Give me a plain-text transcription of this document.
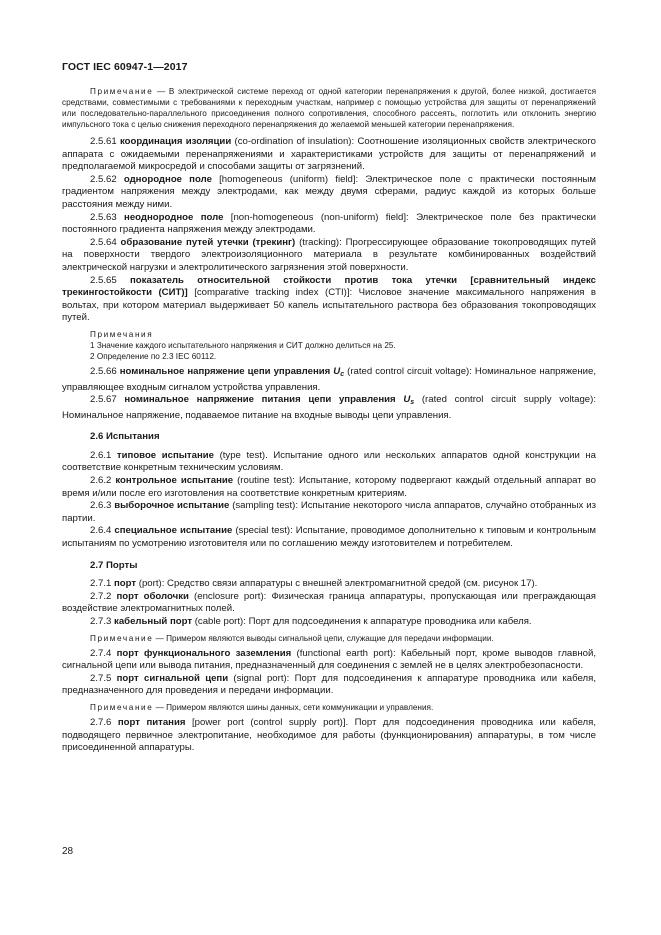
ГОСТ IEC 60947-1—2017

Примечание — В электрической системе переход от одной категории перенапряжения к другой, более низкой, достигается средствами, совместимыми с требованиями к переходным участкам, например с помощью устройства для защиты от перенапряжений или последовательно-параллельного присоединения полного сопротивления, способного рассеять, поглотить или отклонить энергию импульсного тока с целью снижения переходного перенапряжения до желаемой меньшей категории перенапряжения.

2.5.61 координация изоляции (co-ordination of insulation): Соотношение изоляционных свойств электрического аппарата с ожидаемыми перенапряжениями и характеристиками устройств для защиты от перенапряжений и предполагаемой микросредой и способами защиты от загрязнений.

2.5.62 однородное поле [homogeneous (uniform) field]: Электрическое поле с практически постоянным градиентом напряжения между электродами, как между двумя сферами, радиус каждой из которых больше расстояния между ними.

2.5.63 неоднородное поле [non-homogeneous (non-uniform) field]: Электрическое поле без практически постоянного градиента напряжения между электродами.

2.5.64 образование путей утечки (трекинг) (tracking): Прогрессирующее образование токопроводящих путей на поверхности твердого электроизоляционного материала в результате комбинированных воздействий электрической нагрузки и электролитического загрязнения этой поверхности.

2.5.65 показатель относительной стойкости против тока утечки [сравнительный индекс трекингостойкости (СИТ)] [comparative tracking index (CTI)]: Числовое значение максимального напряжения в вольтах, при котором материал выдерживает 50 капель испытательного раствора без образования токопроводящих путей.

Примечания

1 Значение каждого испытательного напряжения и СИТ должно делиться на 25.

2 Определение по 2.3 IEC 60112.

2.5.66 номинальное напряжение цепи управления $U_c$ (rated control circuit voltage): Номинальное напряжение, управляющее входным сигналом устройства управления.

2.5.67 номинальное напряжение питания цепи управления $U_s$ (rated control circuit supply voltage): Номинальное напряжение, подаваемое питание на входные выводы цепи управления.

2.6 Испытания

2.6.1 типовое испытание (type test). Испытание одного или нескольких аппаратов одной конструкции на соответствие конкретным техническим условиям.

2.6.2 контрольное испытание (routine test): Испытание, которому подвергают каждый отдельный аппарат во время и/или после его изготовления на соответствие конкретным критериям.

2.6.3 выборочное испытание (sampling test): Испытание некоторого числа аппаратов, случайно отобранных из партии.

2.6.4 специальное испытание (special test): Испытание, проводимое дополнительно к типовым и контрольным испытаниям по усмотрению изготовителя или по соглашению между изготовителем и потребителем.

2.7 Порты

2.7.1 порт (port): Средство связи аппаратуры с внешней электромагнитной средой (см. рисунок 17).

2.7.2 порт оболочки (enclosure port): Физическая граница аппаратуры, пропускающая или преграждающая воздействие электромагнитных полей.

2.7.3 кабельный порт (cable port): Порт для подсоединения к аппаратуре проводника или кабеля.

Примечание — Примером являются выводы сигнальной цепи, служащие для передачи информации.

2.7.4 порт функционального заземления (functional earth port): Кабельный порт, кроме выводов главной, сигнальной цепи или вывода питания, предназначенный для соединения с землей не в целях электробезопасности.

2.7.5 порт сигнальной цепи (signal port): Порт для подсоединения к аппаратуре проводника или кабеля, предназначенного для проведения и передачи информации.

Примечание — Примером являются шины данных, сети коммуникации и управления.

2.7.6 порт питания [power port (control supply port)]. Порт для подсоединения проводника или кабеля, подводящего первичное электропитание, необходимое для работы (функционирования) аппаратуры, в том числе присоединенной аппаратуры.

28
